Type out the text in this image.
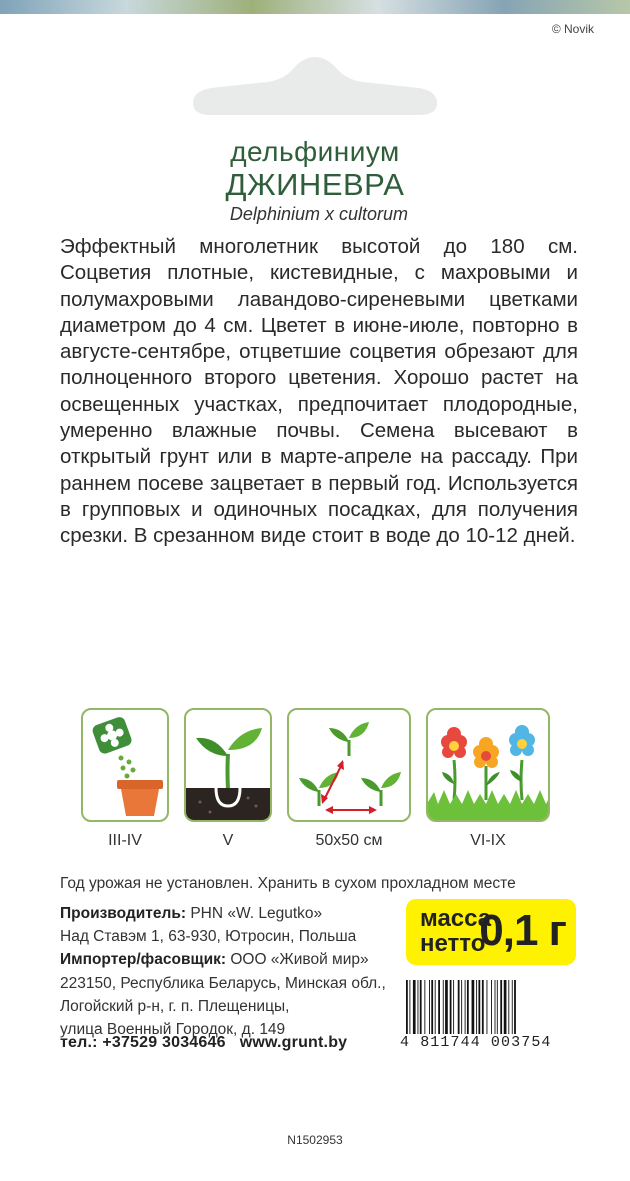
© Novik
дельфиниум
ДЖИНЕВРА
Delphinium x cultorum
Эффектный многолетник высотой до 180 см. Соцветия плотные, кистевидные, с махровыми и полумахровыми лавандово-сиреневыми цветками диаметром до 4 см. Цветет в июне-июле, повторно в августе-сентябре, отцветшие соцветия обрезают для полноценного второго цветения. Хорошо растет на освещенных участках, предпочитает плодородные, умеренно влажные почвы. Семена высевают в открытый грунт или в марте-апреле на рассаду. При раннем посеве зацветает в первый год. Используется в групповых и одиночных посадках, для получения срезки. В срезанном виде стоит в воде до 10-12 дней.
III-IV	V	50x50 см	VI-IX
Год урожая не установлен. Хранить в сухом прохладном месте
Производитель: PHN «W. Legutko»
Над Ставэм 1, 63-930, Ютросин, Польша
Импортер/фасовщик: ООО «Живой мир»
223150, Республика Беларусь, Минская обл.,
Логойский р-н, г. п. Плещеницы,
улица Военный Городок, д. 149
тел.: +37529 3034646 www.grunt.by
масса
нетто
0,1 г
4 811744 003754
N1502953
